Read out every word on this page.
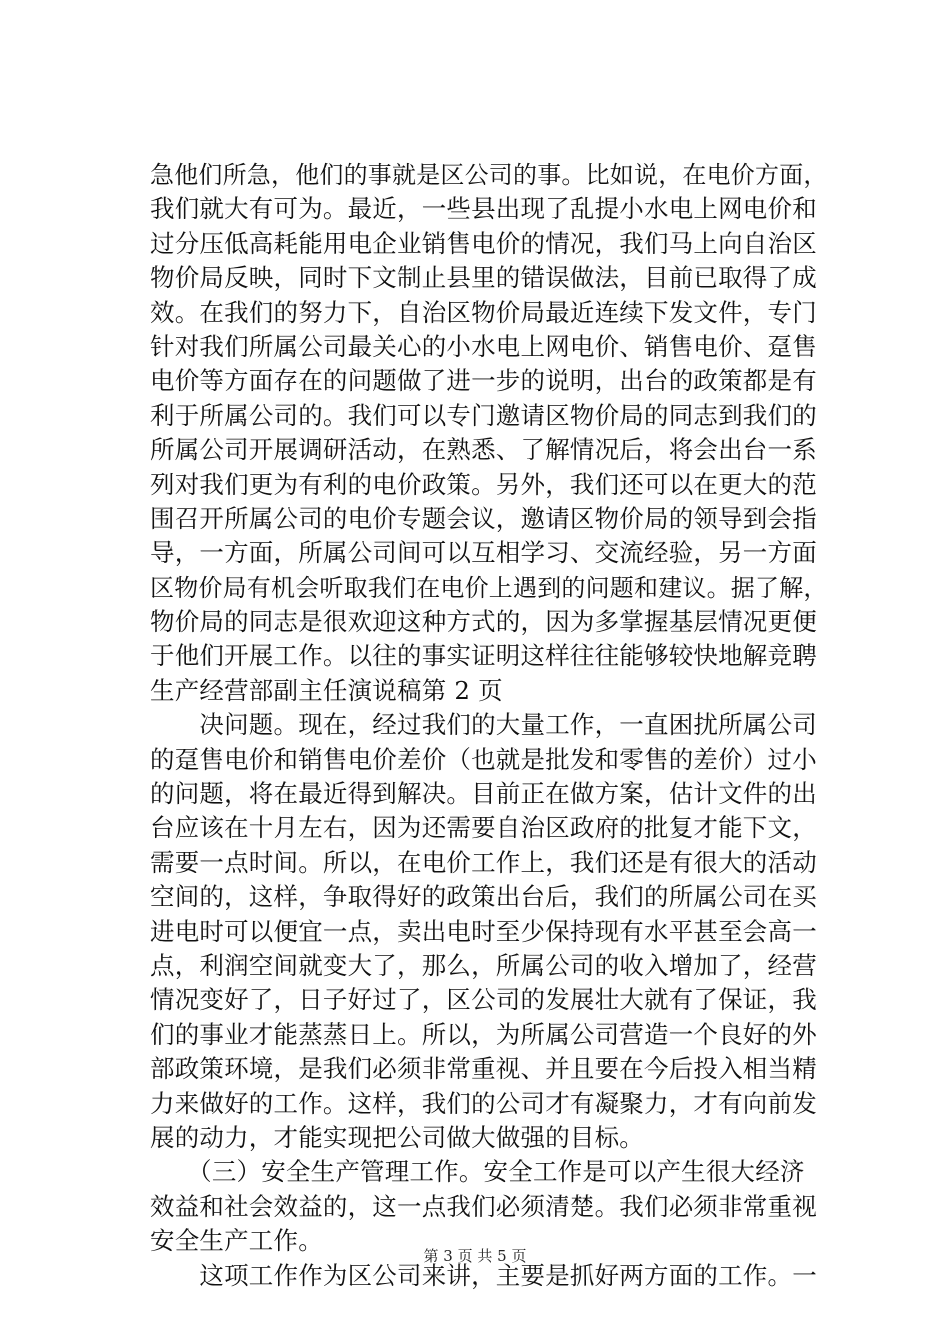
急他们所急，他们的事就是区公司的事。比如说，在电价方面，
我们就大有可为。最近，一些县出现了乱提小水电上网电价和
过分压低高耗能用电企业销售电价的情况，我们马上向自治区
物价局反映，同时下文制止县里的错误做法，目前已取得了成
效。在我们的努力下，自治区物价局最近连续下发文件，专门
针对我们所属公司最关心的小水电上网电价、销售电价、趸售
电价等方面存在的问题做了进一步的说明，出台的政策都是有
利于所属公司的。我们可以专门邀请区物价局的同志到我们的
所属公司开展调研活动，在熟悉、了解情况后，将会出台一系
列对我们更为有利的电价政策。另外，我们还可以在更大的范
围召开所属公司的电价专题会议，邀请区物价局的领导到会指
导，一方面，所属公司间可以互相学习、交流经验，另一方面
区物价局有机会听取我们在电价上遇到的问题和建议。据了解，
物价局的同志是很欢迎这种方式的，因为多掌握基层情况更便
于他们开展工作。以往的事实证明这样往往能够较快地解竞聘
生产经营部副主任演说稿第 2 页
　　决问题。现在，经过我们的大量工作，一直困扰所属公司
的趸售电价和销售电价差价（也就是批发和零售的差价）过小
的问题，将在最近得到解决。目前正在做方案，估计文件的出
台应该在十月左右，因为还需要自治区政府的批复才能下文，
需要一点时间。所以，在电价工作上，我们还是有很大的活动
空间的，这样，争取得好的政策出台后，我们的所属公司在买
进电时可以便宜一点，卖出电时至少保持现有水平甚至会高一
点，利润空间就变大了，那么，所属公司的收入增加了，经营
情况变好了，日子好过了，区公司的发展壮大就有了保证，我
们的事业才能蒸蒸日上。所以，为所属公司营造一个良好的外
部政策环境，是我们必须非常重视、并且要在今后投入相当精
力来做好的工作。这样，我们的公司才有凝聚力，才有向前发
展的动力，才能实现把公司做大做强的目标。
　　（三）安全生产管理工作。安全工作是可以产生很大经济
效益和社会效益的，这一点我们必须清楚。我们必须非常重视
安全生产工作。
　　这项工作作为区公司来讲，主要是抓好两方面的工作。一
第 3 页 共 5 页
